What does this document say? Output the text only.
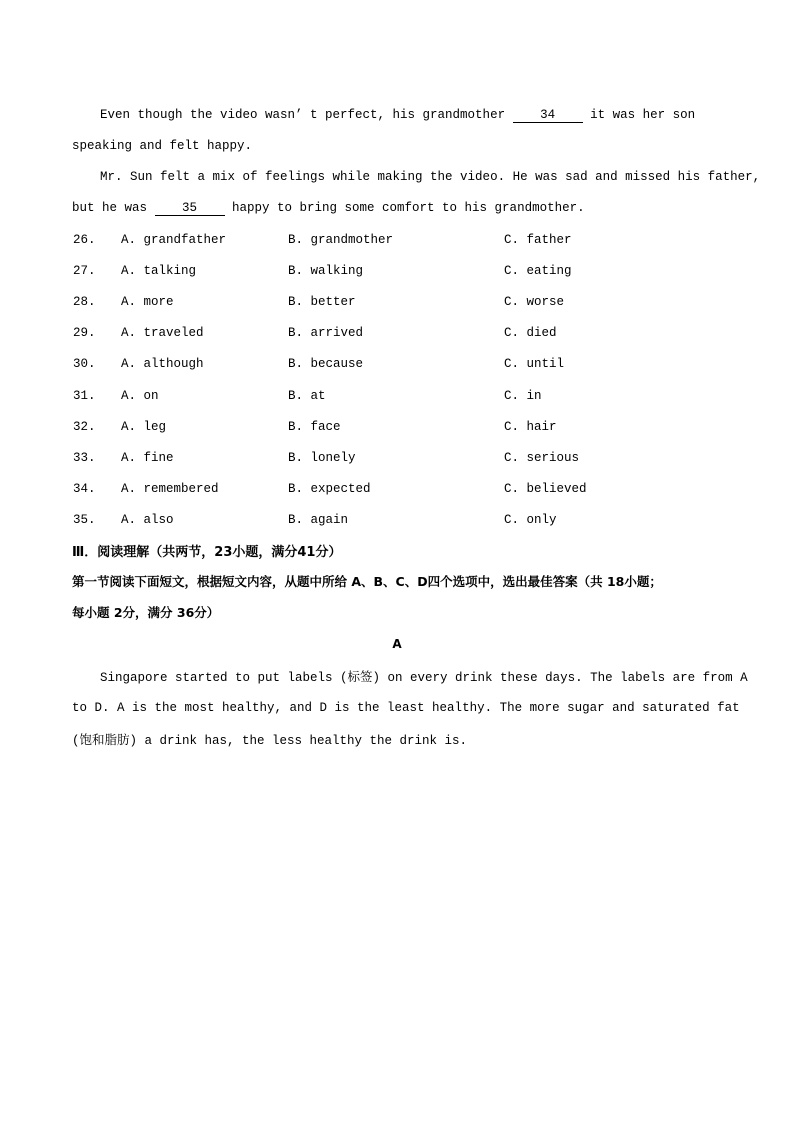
Even though the video wasn’ t perfect, his grandmother 34 it was her son
speaking and felt happy.
Mr. Sun felt a mix of feelings while making the video. He was sad and missed his father,
but he was 35 happy to bring some comfort to his grandmother.
26. A. grandfather	B. grandmother	C. father
27. A. talking	B. walking	C. eating
28. A. more	B. better	C. worse
29. A. traveled	B. arrived	C. died
30. A. although	B. because	C. until
31. A. on	B. at	C. in
32. A. leg	B. face	C. hair
33. A. fine	B. lonely	C. serious
34. A. remembered	B. expected	C. believed
35. A. also	B. again	C. only
Ⅲ．阅读理解（共两节，23小题，满分41分）
第一节阅读下面短文，根据短文内容，从题中所给 A、B、C、D四个选项中，选出最佳答案（共 18小题；
每小题 2分，满分 36分）
A
Singapore started to put labels (标签) on every drink these days. The labels are from A
to D. A is the most healthy, and D is the least healthy. The more sugar and saturated fat
(饱和脂肪) a drink has, the less healthy the drink is.
